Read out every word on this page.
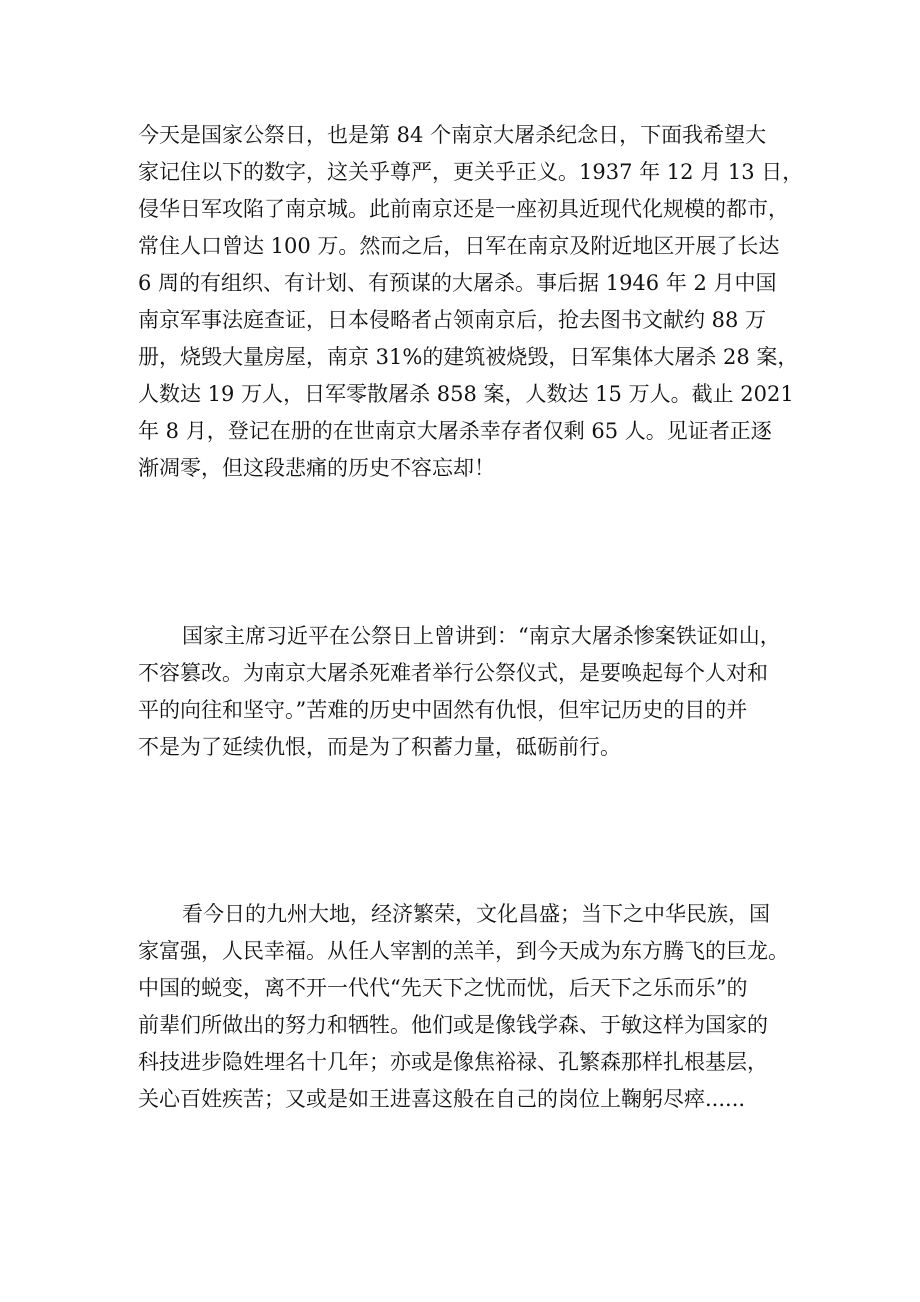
今天是国家公祭日，也是第 84 个南京大屠杀纪念日，下面我希望大
家记住以下的数字，这关乎尊严，更关乎正义。1937 年 12 月 13 日，
侵华日军攻陷了南京城。此前南京还是一座初具近现代化规模的都市，
常住人口曾达 100 万。然而之后，日军在南京及附近地区开展了长达
6 周的有组织、有计划、有预谋的大屠杀。事后据 1946 年 2 月中国
南京军事法庭查证，日本侵略者占领南京后，抢去图书文献约 88 万
册，烧毁大量房屋，南京 31%的建筑被烧毁，日军集体大屠杀 28 案，
人数达 19 万人，日军零散屠杀 858 案，人数达 15 万人。截止 2021
年 8 月，登记在册的在世南京大屠杀幸存者仅剩 65 人。见证者正逐
渐凋零，但这段悲痛的历史不容忘却！
国家主席习近平在公祭日上曾讲到：“南京大屠杀惨案铁证如山，
不容篡改。为南京大屠杀死难者举行公祭仪式，是要唤起每个人对和
平的向往和坚守。”苦难的历史中固然有仇恨，但牢记历史的目的并
不是为了延续仇恨，而是为了积蓄力量，砥砺前行。
看今日的九州大地，经济繁荣，文化昌盛；当下之中华民族，国
家富强，人民幸福。从任人宰割的羔羊，到今天成为东方腾飞的巨龙。
中国的蜕变，离不开一代代“先天下之忧而忧，后天下之乐而乐”的
前辈们所做出的努力和牺牲。他们或是像钱学森、于敏这样为国家的
科技进步隐姓埋名十几年；亦或是像焦裕禄、孔繁森那样扎根基层，
关心百姓疾苦；又或是如王进喜这般在自己的岗位上鞠躬尽瘁......
